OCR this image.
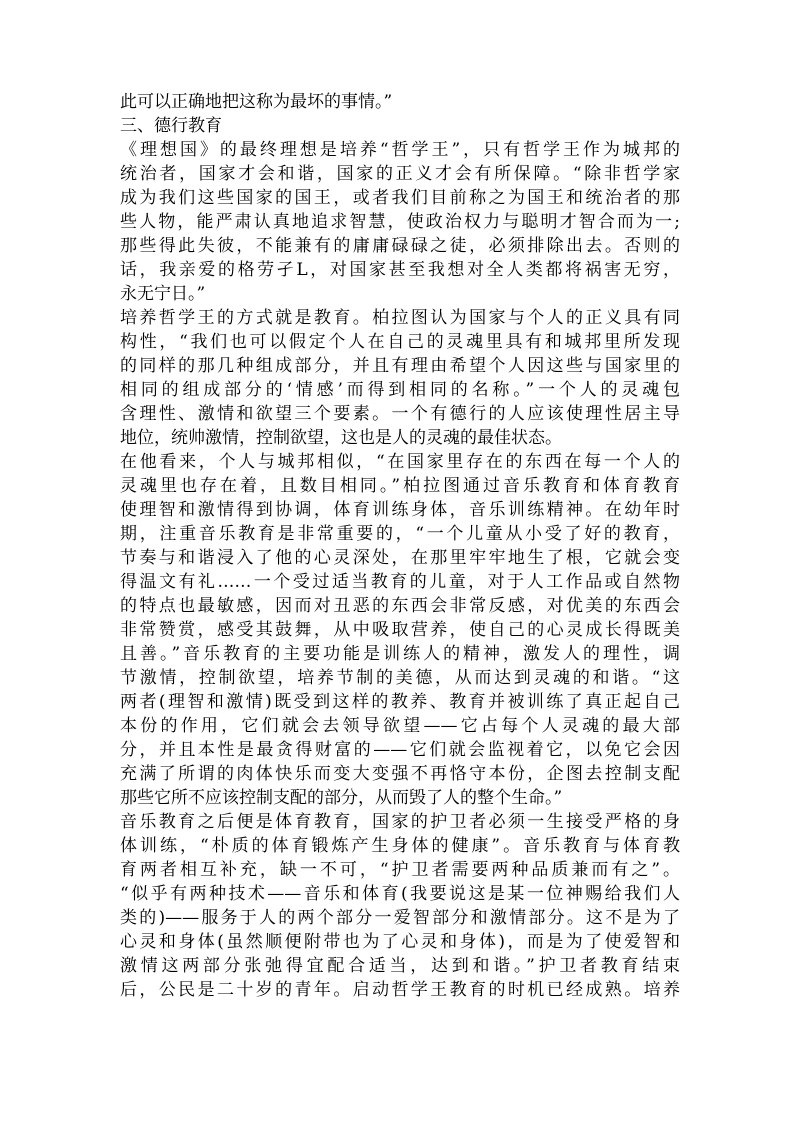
此可以正确地把这称为最坏的事情。”
三、德行教育
《理想国》的最终理想是培养“哲学王”，只有哲学王作为城邦的
统治者，国家才会和谐，国家的正义才会有所保障。“除非哲学家
成为我们这些国家的国王，或者我们目前称之为国王和统治者的那
些人物，能严肃认真地追求智慧，使政治权力与聪明才智合而为一;
那些得此失彼，不能兼有的庸庸碌碌之徒，必须排除出去。否则的
话，我亲爱的格劳孑L，对国家甚至我想对全人类都将祸害无穷，
永无宁日。”
培养哲学王的方式就是教育。柏拉图认为国家与个人的正义具有同
构性，“我们也可以假定个人在自己的灵魂里具有和城邦里所发现
的同样的那几种组成部分，并且有理由希望个人因这些与国家里的
相同的组成部分的‘情感’而得到相同的名称。”一个人的灵魂包
含理性、激情和欲望三个要素。一个有德行的人应该使理性居主导
地位，统帅激情，控制欲望，这也是人的灵魂的最佳状态。
在他看来，个人与城邦相似，“在国家里存在的东西在每一个人的
灵魂里也存在着，且数目相同。”柏拉图通过音乐教育和体育教育
使理智和激情得到协调，体育训练身体，音乐训练精神。在幼年时
期，注重音乐教育是非常重要的，“一个儿童从小受了好的教育，
节奏与和谐浸入了他的心灵深处，在那里牢牢地生了根，它就会变
得温文有礼……一个受过适当教育的儿童，对于人工作品或自然物
的特点也最敏感，因而对丑恶的东西会非常反感，对优美的东西会
非常赞赏，感受其鼓舞，从中吸取营养，使自己的心灵成长得既美
且善。”音乐教育的主要功能是训练人的精神，激发人的理性，调
节激情，控制欲望，培养节制的美德，从而达到灵魂的和谐。“这
两者(理智和激情)既受到这样的教养、教育并被训练了真正起自己
本份的作用，它们就会去领导欲望——它占每个人灵魂的最大部
分，并且本性是最贪得财富的——它们就会监视着它，以免它会因
充满了所谓的肉体快乐而变大变强不再恪守本份，企图去控制支配
那些它所不应该控制支配的部分，从而毁了人的整个生命。”
音乐教育之后便是体育教育，国家的护卫者必须一生接受严格的身
体训练，“朴质的体育锻炼产生身体的健康”。音乐教育与体育教
育两者相互补充，缺一不可，“护卫者需要两种品质兼而有之”。
“似乎有两种技术——音乐和体育(我要说这是某一位神赐给我们人
类的)——服务于人的两个部分一爱智部分和激情部分。这不是为了
心灵和身体(虽然顺便附带也为了心灵和身体)，而是为了使爱智和
激情这两部分张弛得宜配合适当，达到和谐。”护卫者教育结束
后，公民是二十岁的青年。启动哲学王教育的时机已经成熟。培养
